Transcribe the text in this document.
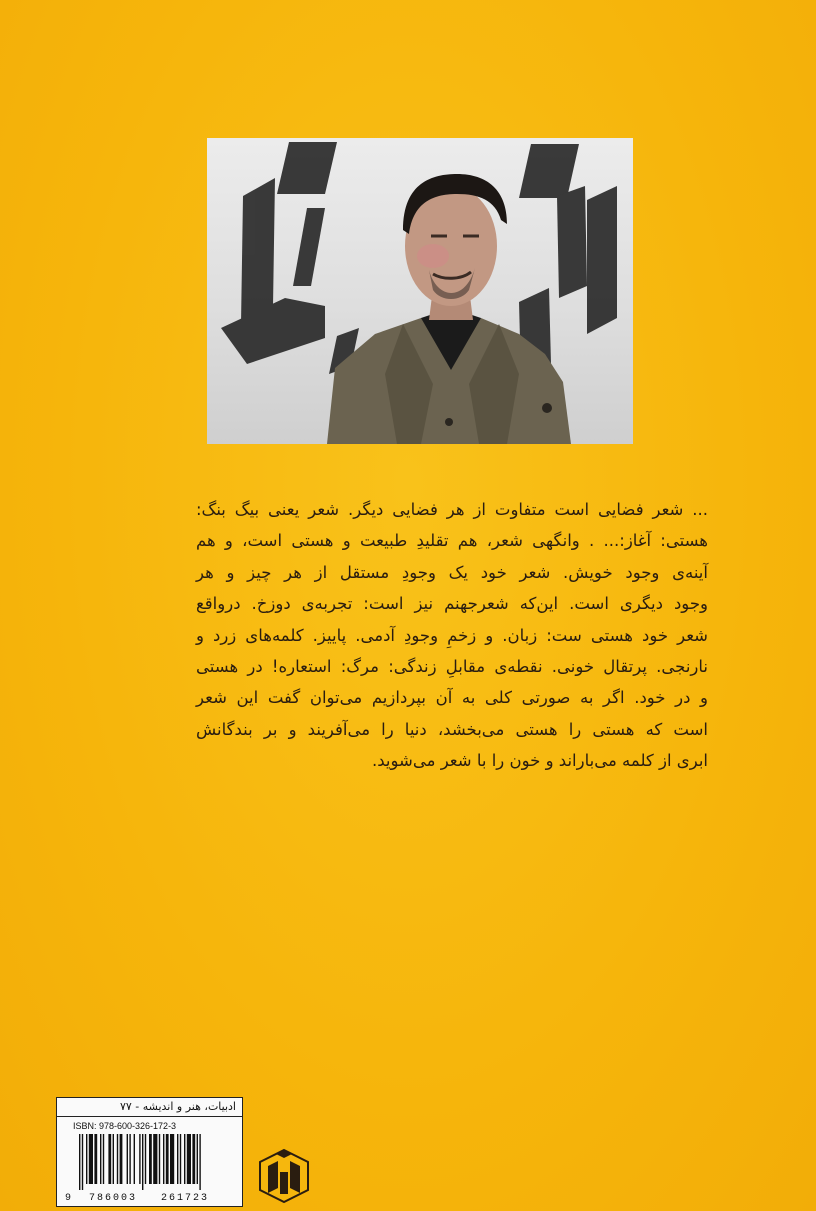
... شعر فضایی است متفاوت از هر فضایی دیگر. شعر یعنی بیگ بنگ:
هستی: آغاز:... . وانگهی شعر، هم تقلیدِ طبیعت و هستی است، و هم
آینه‌ی وجود خویش. شعر خود یک وجودِ مستقل از هر چیز و هر
وجود دیگری است. این‌که شعرجهنم نیز است: تجربه‌ی دوزخ. درواقع
شعر خود هستی ست: زبان. و زخمِ وجودِ آدمی. پاییز. کلمه‌های زرد و
نارنجی. پرتقال خونی. نقطه‌ی مقابلِ زندگی: مرگ: استعاره! در هستی
و در خود. اگر به صورتی کلی به آن بپردازیم می‌توان گفت این شعر
است که هستی را هستی می‌بخشد، دنیا را می‌آفریند و بر بندگانش
ابری از کلمه می‌باراند و خون را با شعر می‌شوید.
ادبیات، هنر و اندیشه - ۷۷
ISBN: 978-600-326-172-3
9 786003 261723
